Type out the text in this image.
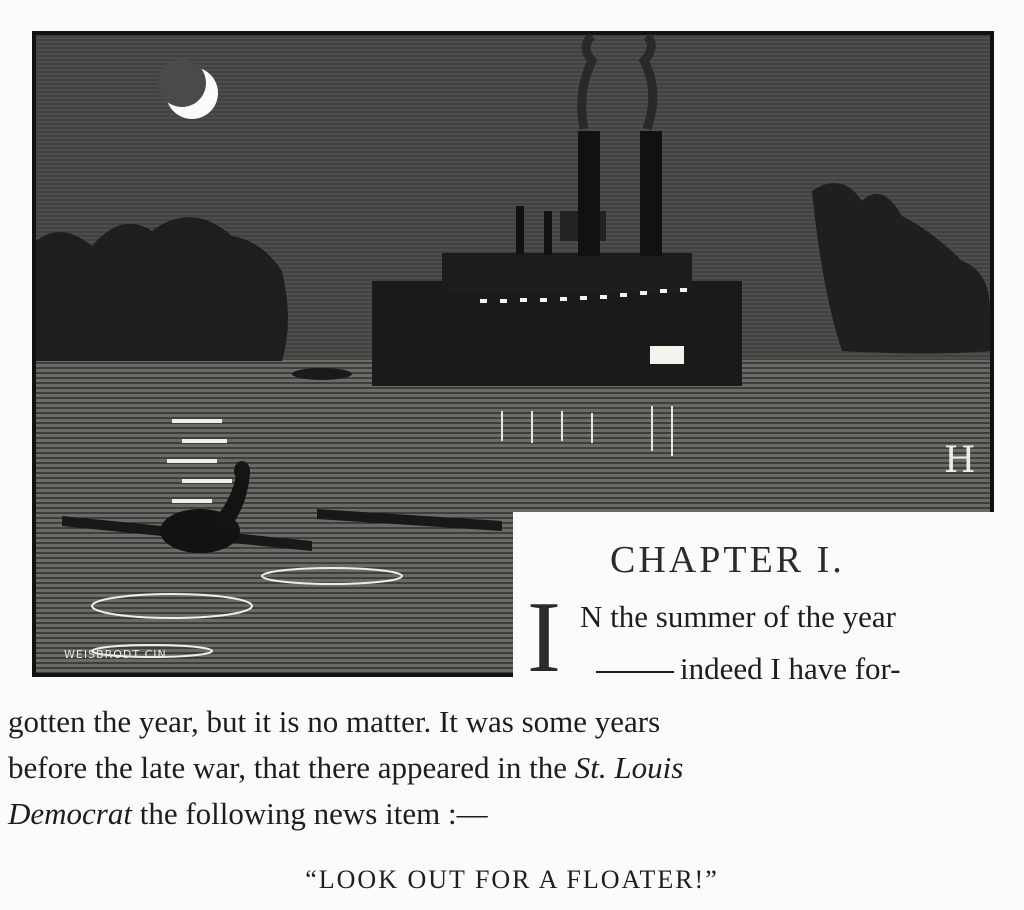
WEISBRODT CIN
H
CHAPTER I.
I N the summer of the year
indeed I have for-
gotten the year, but it is no matter. It was some years
before the late war, that there appeared in the St. Louis
Democrat the following news item :—
“LOOK OUT FOR A FLOATER!”
